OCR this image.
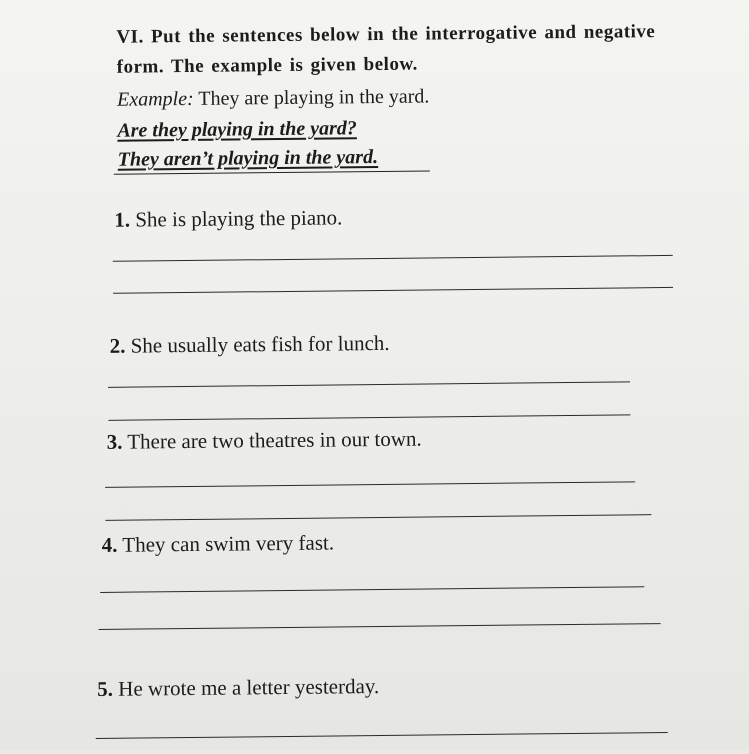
VI. Put the sentences below in the interrogative and negative form. The example is given below.
Example: They are playing in the yard.
Are they playing in the yard?
They aren’t playing in the yard.
1. She is playing the piano.
2. She usually eats fish for lunch.
3. There are two theatres in our town.
4. They can swim very fast.
5. He wrote me a letter yesterday.
